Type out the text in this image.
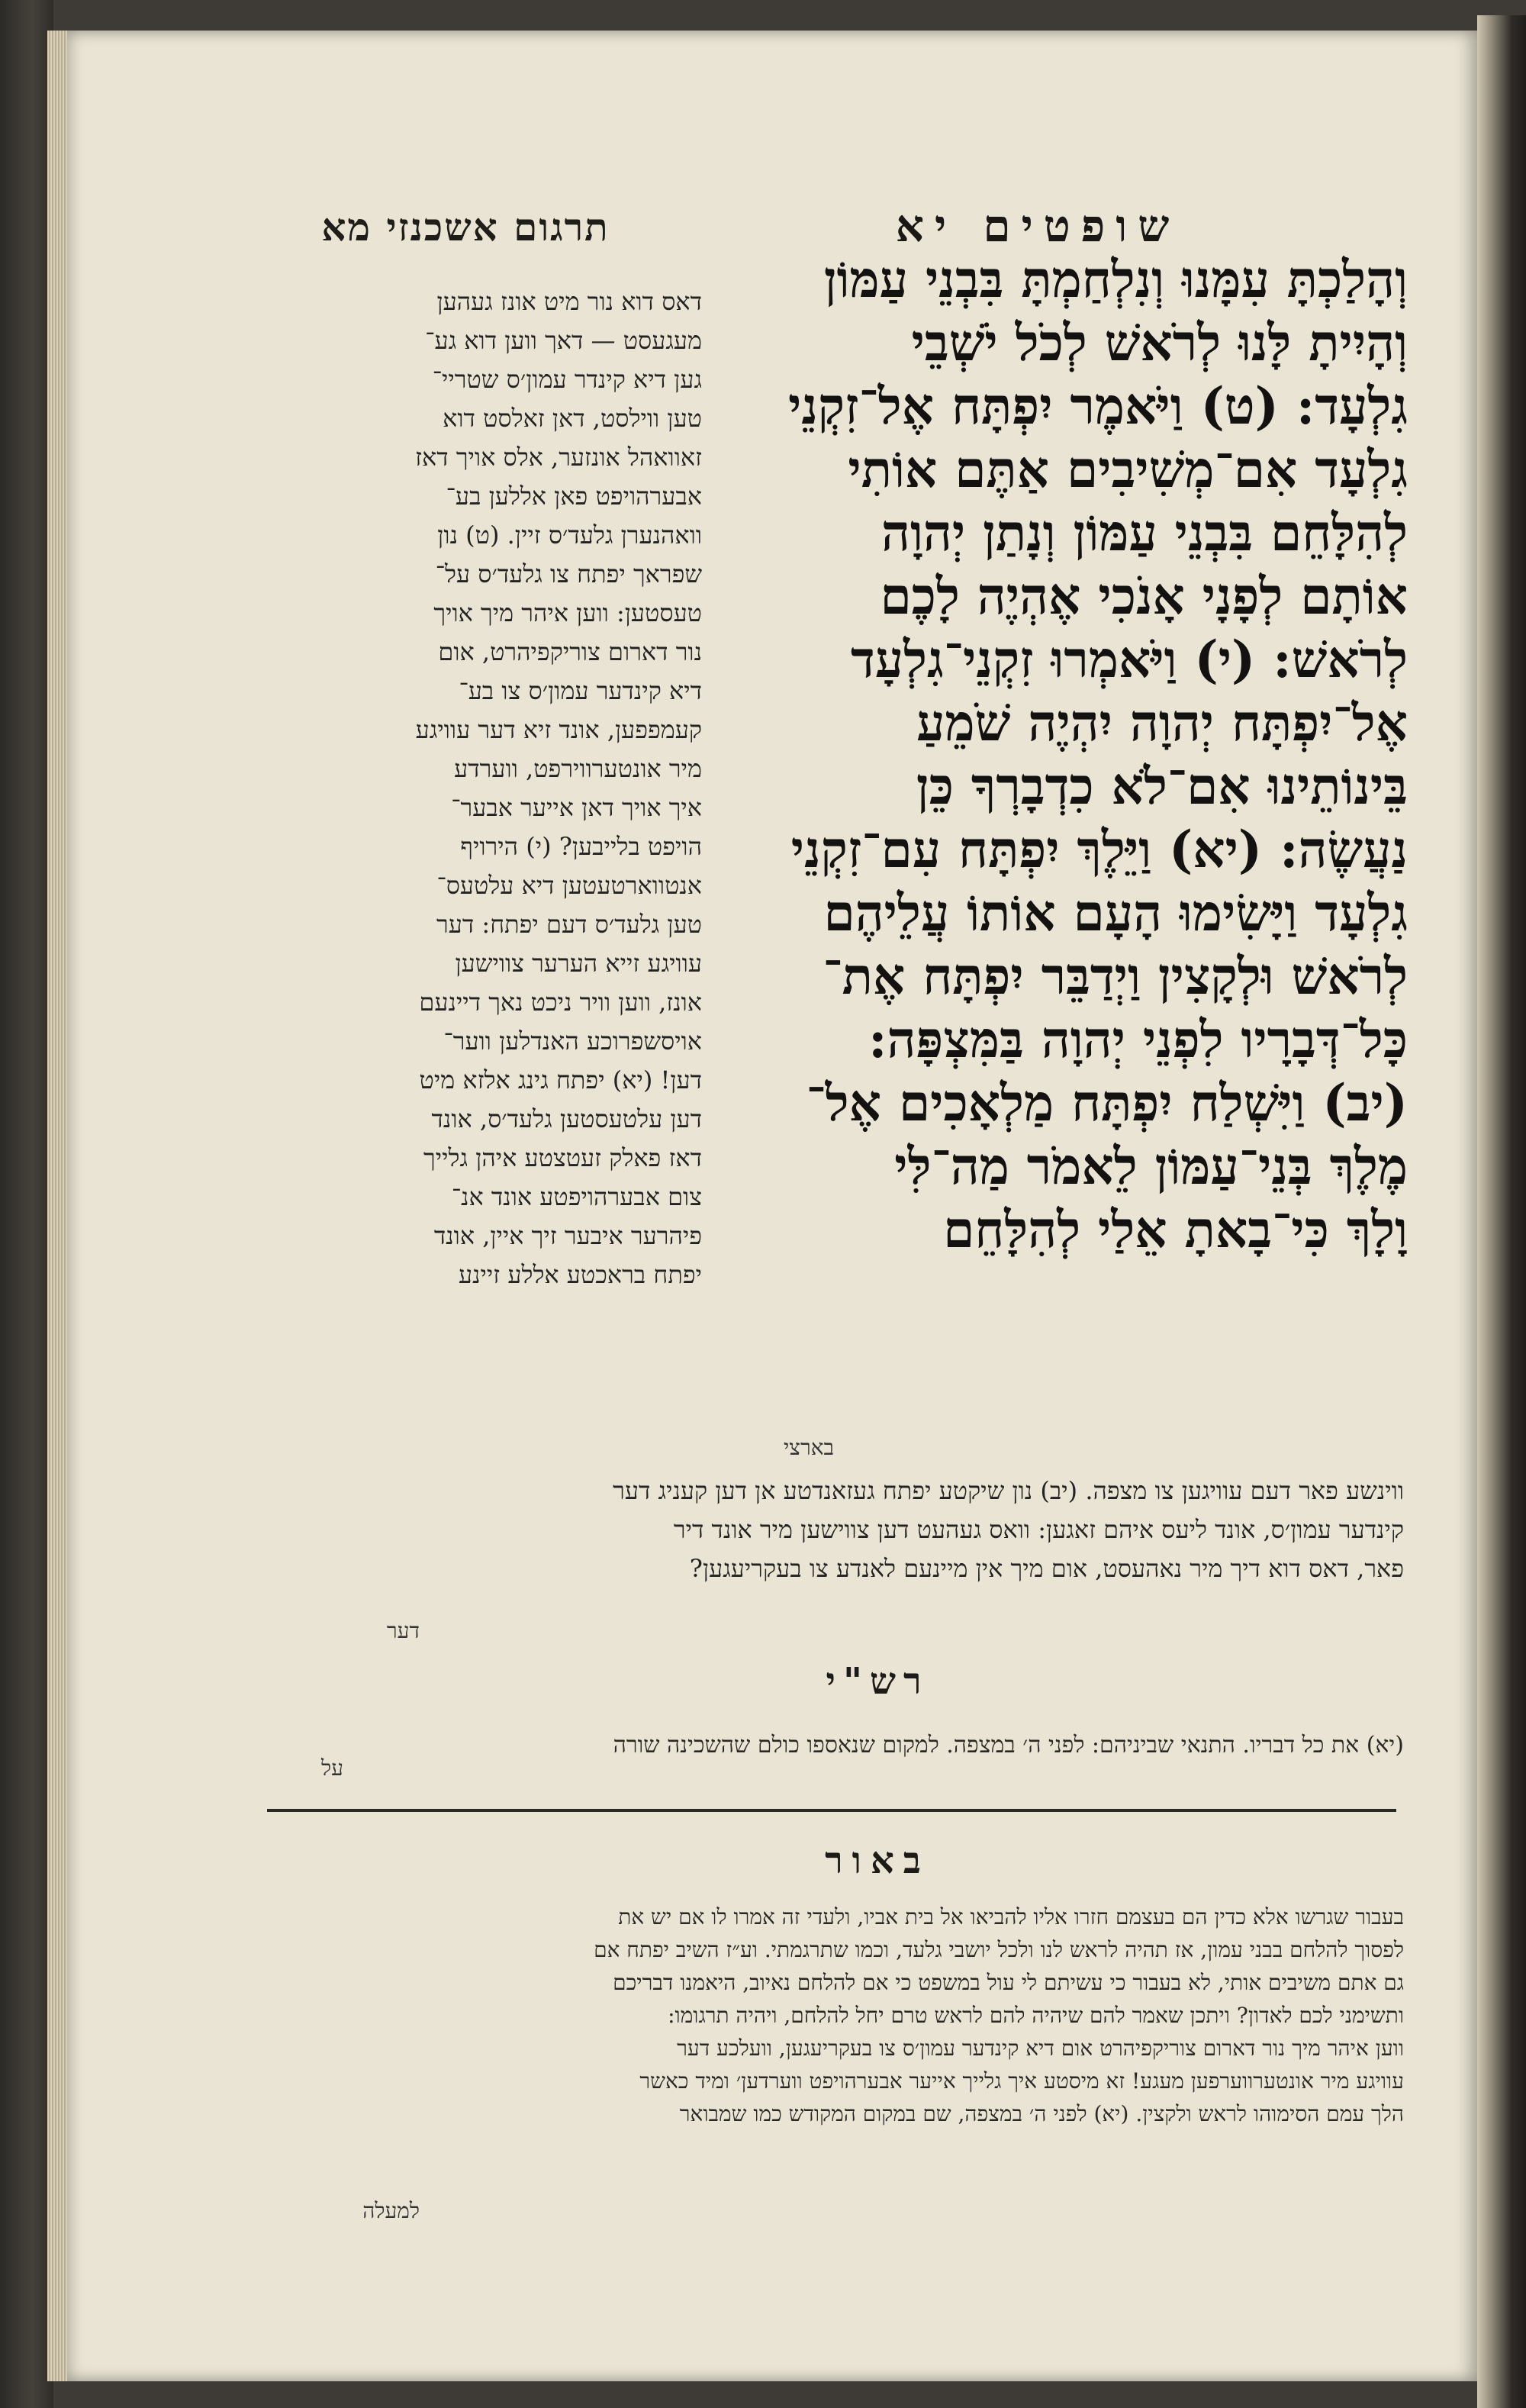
תרגום אשכנזי מא	שופטים יא
דאס דוא נור מיט אונז געהען
מעגעסט — דאך ווען דוא גע־
גען דיא קינדר עמון׳ס שטריי־
טען ווילסט, דאן זאלסט דוא
זאוואהל אונזער, אלס אויך דאז
אבערהויפט פאן אללען בע־
וואהנערן גלעד׳ס זיין. (ט) נון
שפראך יפתח צו גלעד׳ס על־
טעסטען: ווען איהר מיך אויך
נור דארום צוריקפיהרט, אום
דיא קינדער עמון׳ס צו בע־
קעמפפען, אונד זיא דער עוויגע
מיר אונטערווירפט, ווערדע
איך אויך דאן אייער אבער־
הויפט בלייבען? (י) הירויף
אנטווארטעטען דיא עלטעס־
טען גלעד׳ס דעם יפתח: דער
עוויגע זייא הערער צווישען
אונז, ווען וויר ניכט נאך דיינעם
אויסשפרוכע האנדלען ווער־
דען! (יא) יפתח גינג אלזא מיט
דען עלטעסטען גלעד׳ס, אונד
דאז פאלק זעטצטע איהן גלייך
צום אבערהויפטע אונד אנ־
פיהרער איבער זיך איין, אונד
יפתח בראכטע אללע זיינע
וְהָלַכְתָּ עִמָּנוּ וְנִלְחַמְתָּ בִּבְנֵי עַמּוֹן
וְהָיִיתָ לָּנוּ לְרֹאשׁ לְכֹל יֹשְׁבֵי
גִלְעָד: (ט) וַיֹּאמֶר יִפְתָּח אֶל־זִקְנֵי
גִלְעָד אִם־מְשִׁיבִים אַתֶּם אוֹתִי
לְהִלָּחֵם בִּבְנֵי עַמּוֹן וְנָתַן יְהוָה
אוֹתָם לְפָנָי אָנֹכִי אֶהְיֶה לָכֶם
לְרֹאשׁ: (י) וַיֹּאמְרוּ זִקְנֵי־גִלְעָד
אֶל־יִפְתָּח יְהוָה יִהְיֶה שֹׁמֵעַ
בֵּינוֹתֵינוּ אִם־לֹא כִדְבָרְךָ כֵּן
נַעֲשֶׂה: (יא) וַיֵּלֶךְ יִפְתָּח עִם־זִקְנֵי
גִלְעָד וַיָּשִׂימוּ הָעָם אוֹתוֹ עֲלֵיהֶם
לְרֹאשׁ וּלְקָצִין וַיְדַבֵּר יִפְתָּח אֶת־
כָּל־דְּבָרָיו לִפְנֵי יְהוָה בַּמִּצְפָּה:
(יב) וַיִּשְׁלַח יִפְתָּח מַלְאָכִים אֶל־
מֶלֶךְ בְּנֵי־עַמּוֹן לֵאמֹר מַה־לִּי
וָלָךְ כִּי־בָאתָ אֵלַי לְהִלָּחֵם
בארצי
ווינשע פאר דעם עוויגען צו מצפה. (יב) נון שיקטע יפתח געזאנדטע אן דען קעניג דער
קינדער עמון׳ס, אונד ליעס איהם זאגען: וואס געהעט דען צווישען מיר אונד דיר
פאר, דאס דוא דיך מיר נאהעסט, אום מיך אין מיינעם לאנדע צו בעקריעגען?
דער
רש"י
(יא) את כל דבריו. התנאי שביניהם: לפני ה׳ במצפה. למקום שנאספו כולם שהשכינה שורה
על
באור
בעבור שגרשו אלא כדין הם בעצמם חזרו אליו להביאו אל בית אביו, ולעדי זה אמרו לו אם יש את
לפסוך להלחם בבני עמון, אז תהיה לראש לנו ולכל יושבי גלעד, וכמו שתרגמתי. וע״ז השיב יפתח אם
גם אתם משיבים אותי, לא בעבור כי עשיתם לי עול במשפט כי אם להלחם נאיוב, היאמנו דבריכם
ותשימני לכם לאדון? ויתכן שאמר להם שיהיה להם לראש טרם יחל להלחם, ויהיה תרגומו:
ווען איהר מיך נור דארום צוריקפיהרט אום דיא קינדער עמון׳ס צו בעקריעגען, וועלכע דער
עוויגע מיר אונטערווערפען מעגע! זא מיסטע איך גלייך אייער אבערהויפט ווערדען׳ ומיד כאשר
הלך עמם הסימוהו לראש ולקצין. (יא) לפני ה׳ במצפה, שם במקום המקודש כמו שמבואר
למעלה
